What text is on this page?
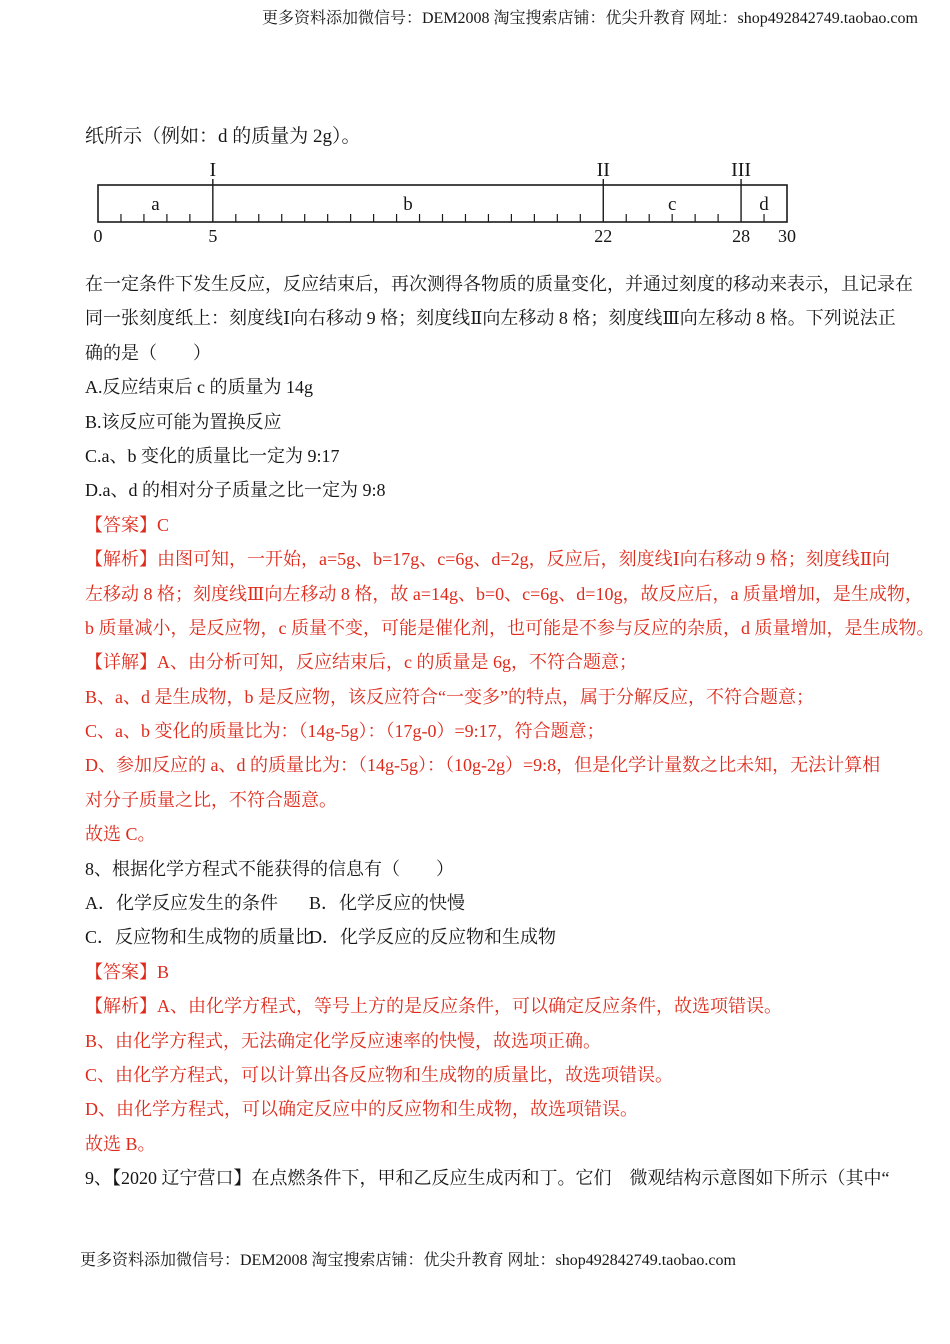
更多资料添加微信号：DEM2008 淘宝搜索店铺：优尖升教育 网址：shop492842749.taobao.com
纸所示（例如：d 的质量为 2g）。
I	II	III
0	5	22	28 30
a	b	c	d
在一定条件下发生反应，反应结束后，再次测得各物质的质量变化，并通过刻度的移动来表示，且记录在
同一张刻度纸上：刻度线Ⅰ向右移动 9 格；刻度线Ⅱ向左移动 8 格；刻度线Ⅲ向左移动 8 格。下列说法正
确的是（　　）
A.反应结束后 c 的质量为 14g
B.该反应可能为置换反应
C.a、b 变化的质量比一定为 9:17
D.a、d 的相对分子质量之比一定为 9:8
【答案】C
【解析】由图可知，一开始，a=5g、b=17g、c=6g、d=2g，反应后，刻度线Ⅰ向右移动 9 格；刻度线Ⅱ向
左移动 8 格；刻度线Ⅲ向左移动 8 格，故 a=14g、b=0、c=6g、d=10g，故反应后，a 质量增加，是生成物，
b 质量减小，是反应物，c 质量不变，可能是催化剂，也可能是不参与反应的杂质，d 质量增加，是生成物。
【详解】A、由分析可知，反应结束后，c 的质量是 6g，不符合题意；
B、a、d 是生成物，b 是反应物，该反应符合“一变多”的特点，属于分解反应，不符合题意；
C、a、b 变化的质量比为：（14g-5g）：（17g-0）=9:17，符合题意；
D、参加反应的 a、d 的质量比为：（14g-5g）：（10g-2g）=9:8，但是化学计量数之比未知，无法计算相
对分子质量之比，不符合题意。
故选 C。
8、根据化学方程式不能获得的信息有（　　）
A．化学反应发生的条件 B．化学反应的快慢
C．反应物和生成物的质量比D．化学反应的反应物和生成物
【答案】B
【解析】A、由化学方程式，等号上方的是反应条件，可以确定反应条件，故选项错误。
B、由化学方程式，无法确定化学反应速率的快慢，故选项正确。
C、由化学方程式，可以计算出各反应物和生成物的质量比，故选项错误。
D、由化学方程式，可以确定反应中的反应物和生成物，故选项错误。
故选 B。
9、【2020 辽宁营口】在点燃条件下，甲和乙反应生成丙和丁。它们　微观结构示意图如下所示（其中“
更多资料添加微信号：DEM2008 淘宝搜索店铺：优尖升教育 网址：shop492842749.taobao.com
